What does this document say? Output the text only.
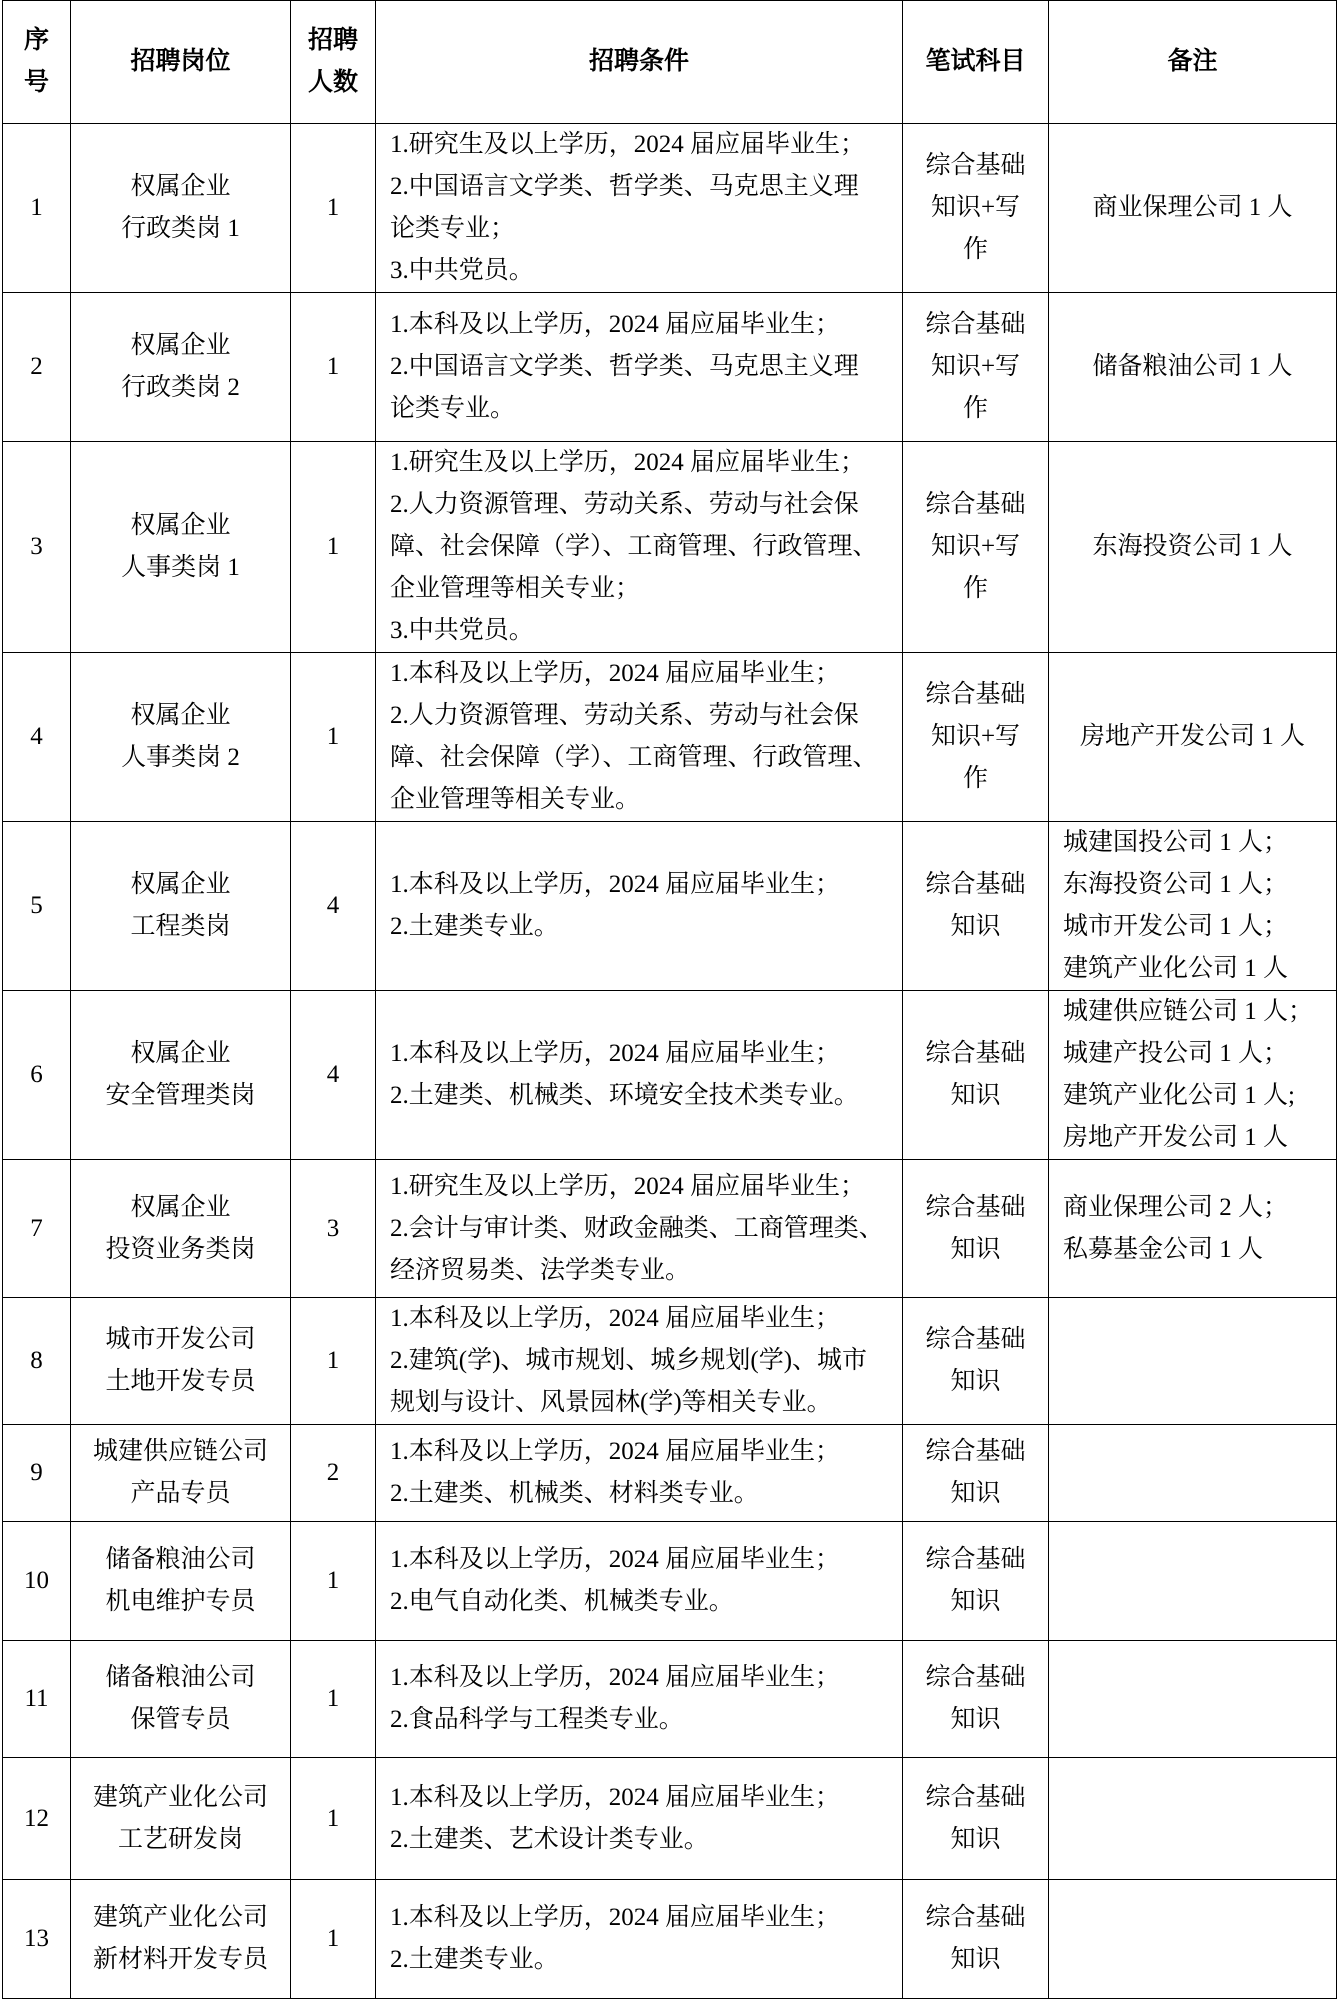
序
号	招聘岗位	招聘
人数	招聘条件	笔试科目	备注

1	权属企业
行政类岗 1	1	1.研究生及以上学历，2024 届应届毕业生；
2.中国语言文学类、哲学类、马克思主义理
论类专业；
3.中共党员。	综合基础
知识+写
作	商业保理公司 1 人

2	权属企业
行政类岗 2	1	1.本科及以上学历，2024 届应届毕业生；
2.中国语言文学类、哲学类、马克思主义理
论类专业。	综合基础
知识+写
作	储备粮油公司 1 人

3	权属企业
人事类岗 1	1	1.研究生及以上学历，2024 届应届毕业生；
2.人力资源管理、劳动关系、劳动与社会保
障、社会保障（学）、工商管理、行政管理、
企业管理等相关专业；
3.中共党员。	综合基础
知识+写
作	东海投资公司 1 人

4	权属企业
人事类岗 2	1	1.本科及以上学历，2024 届应届毕业生；
2.人力资源管理、劳动关系、劳动与社会保
障、社会保障（学）、工商管理、行政管理、
企业管理等相关专业。	综合基础
知识+写
作	房地产开发公司 1 人

5	权属企业
工程类岗	4	1.本科及以上学历，2024 届应届毕业生；
2.土建类专业。	综合基础
知识	城建国投公司 1 人；
东海投资公司 1 人；
城市开发公司 1 人；
建筑产业化公司 1 人

6	权属企业
安全管理类岗	4	1.本科及以上学历，2024 届应届毕业生；
2.土建类、机械类、环境安全技术类专业。	综合基础
知识	城建供应链公司 1 人；
城建产投公司 1 人；
建筑产业化公司 1 人;
房地产开发公司 1 人

7	权属企业
投资业务类岗	3	1.研究生及以上学历，2024 届应届毕业生；
2.会计与审计类、财政金融类、工商管理类、
经济贸易类、法学类专业。	综合基础
知识	商业保理公司 2 人；
私募基金公司 1 人

8	城市开发公司
土地开发专员	1	1.本科及以上学历，2024 届应届毕业生；
2.建筑(学)、城市规划、城乡规划(学)、城市
规划与设计、风景园林(学)等相关专业。	综合基础
知识	

9	城建供应链公司
产品专员	2	1.本科及以上学历，2024 届应届毕业生；
2.土建类、机械类、材料类专业。	综合基础
知识	

10	储备粮油公司
机电维护专员	1	1.本科及以上学历，2024 届应届毕业生；
2.电气自动化类、机械类专业。	综合基础
知识	

11	储备粮油公司
保管专员	1	1.本科及以上学历，2024 届应届毕业生；
2.食品科学与工程类专业。	综合基础
知识	

12	建筑产业化公司
工艺研发岗	1	1.本科及以上学历，2024 届应届毕业生；
2.土建类、艺术设计类专业。	综合基础
知识	

13	建筑产业化公司
新材料开发专员	1	1.本科及以上学历，2024 届应届毕业生；
2.土建类专业。	综合基础
知识	
